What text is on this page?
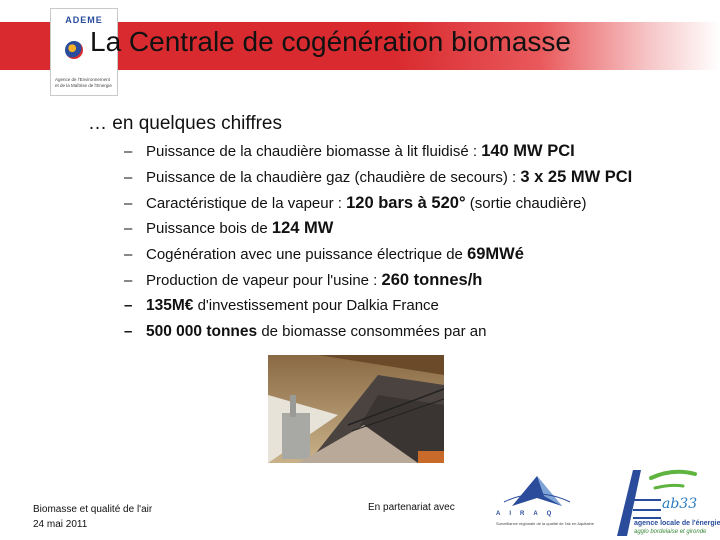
ADEME
Agence de l'Environnement
et de la Maîtrise de l'Energie
La Centrale de cogénération biomasse
… en quelques chiffres
– Puissance de la chaudière biomasse à lit fluidisé : 140 MW PCI
– Puissance de la chaudière gaz (chaudière de secours) : 3 x 25 MW PCI
– Caractéristique de la vapeur : 120 bars à 520° (sortie chaudière)
– Puissance bois de 124 MW
– Cogénération avec une puissance électrique de 69MWé
– Production de vapeur pour l'usine : 260 tonnes/h
– 135M€ d'investissement pour Dalkia France
– 500 000 tonnes de biomasse consommées par an
Biomasse et qualité de l'air
24 mai 2011
En partenariat avec
AIRAQ
Surveillance régionale de la qualité de l'air en Aquitaine
ab33
agence locale de l'énergie
agglo bordelaise et gironde
